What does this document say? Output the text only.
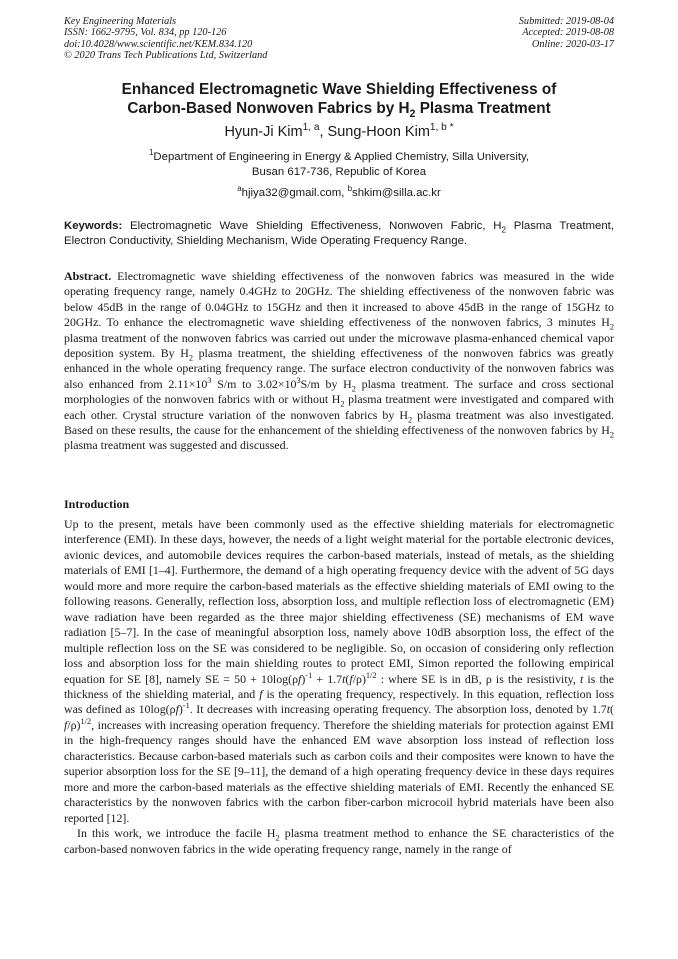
Key Engineering Materials
ISSN: 1662-9795, Vol. 834, pp 120-126
doi:10.4028/www.scientific.net/KEM.834.120
© 2020 Trans Tech Publications Ltd, Switzerland
Submitted: 2019-08-04
Accepted: 2019-08-08
Online: 2020-03-17
Enhanced Electromagnetic Wave Shielding Effectiveness of
Carbon-Based Nonwoven Fabrics by $H_2$ Plasma Treatment
Hyun-Ji Kim$^{1, a}$, Sung-Hoon Kim$^{1, b *}$
$^1$Department of Engineering in Energy & Applied Chemistry, Silla University,
Busan 617-736, Republic of Korea
$^a$hjiya32@gmail.com, $^b$shkim@silla.ac.kr
Keywords: Electromagnetic Wave Shielding Effectiveness, Nonwoven Fabric, $H_2$ Plasma Treatment, Electron Conductivity, Shielding Mechanism, Wide Operating Frequency Range.
Abstract. Electromagnetic wave shielding effectiveness of the nonwoven fabrics was measured in the wide operating frequency range, namely 0.4GHz to 20GHz. The shielding effectiveness of the nonwoven fabric was below 45dB in the range of 0.04GHz to 15GHz and then it increased to above 45dB in the range of 15GHz to 20GHz. To enhance the electromagnetic wave shielding effectiveness of the nonwoven fabrics, 3 minutes $H_2$ plasma treatment of the nonwoven fabrics was carried out under the microwave plasma-enhanced chemical vapor deposition system. By $H_2$ plasma treatment, the shielding effectiveness of the nonwoven fabrics was greatly enhanced in the whole operating frequency range. The surface electron conductivity of the nonwoven fabrics was also enhanced from $2.11\times 10^3$ S/m to $3.02\times 10^3S/m$ by $H_2$ plasma treatment. The surface and cross sectional morphologies of the nonwoven fabrics with or without $H_2$ plasma treatment were investigated and compared with each other. Crystal structure variation of the nonwoven fabrics by $H_2$ plasma treatment was also investigated. Based on these results, the cause for the enhancement of the shielding effectiveness of the nonwoven fabrics by $H_2$ plasma treatment was suggested and discussed.
Introduction

Up to the present, metals have been commonly used as the effective shielding materials for electromagnetic interference (EMI). In these days, however, the needs of a light weight material for the portable electronic devices, avionic devices, and automobile devices requires the carbon-based materials, instead of metals, as the shielding materials of EMI [1–4]. Furthermore, the demand of a high operating frequency device with the advent of 5G days would more and more require the carbon-based materials as the effective shielding materials of EMI owing to the following reasons. Generally, reflection loss, absorption loss, and multiple reflection loss of electromagnetic (EM) wave radiation have been regarded as the three major shielding effectiveness (SE) mechanisms of EM wave radiation [5–7]. In the case of meaningful absorption loss, namely above 10dB absorption loss, the effect of the multiple reflection loss on the SE was considered to be negligible. So, on occasion of considering only reflection loss and absorption loss for the main shielding routes to protect EMI, Simon reported the following empirical equation for SE [8], namely SE = $50 + 10\log(\rho f)^{-1} + 1.7t(f/\rho)^{1/2}$ : where SE is in dB, ρ is the resistivity, t is the thickness of the shielding material, and f is the operating frequency, respectively. In this equation, reflection loss was defined as $10\log(\rho f)^{-1}$. It decreases with increasing operating frequency. The absorption loss, denoted by 1.7t( f/ρ)$^{1/2}$, increases with increasing operation frequency. Therefore the shielding materials for protection against EMI in the high-frequency ranges should have the enhanced EM wave absorption loss instead of reflection loss characteristics. Because carbon-based materials such as carbon coils and their composites were known to have the superior absorption loss for the SE [9–11], the demand of a high operating frequency device in these days requires more and more the carbon-based materials as the effective shielding materials of EMI. Recently the enhanced SE characteristics by the nonwoven fabrics with the carbon fiber-carbon microcoil hybrid materials have been also reported [12].

In this work, we introduce the facile $H_2$ plasma treatment method to enhance the SE characteristics of the carbon-based nonwoven fabrics in the wide operating frequency range, namely in the range of
